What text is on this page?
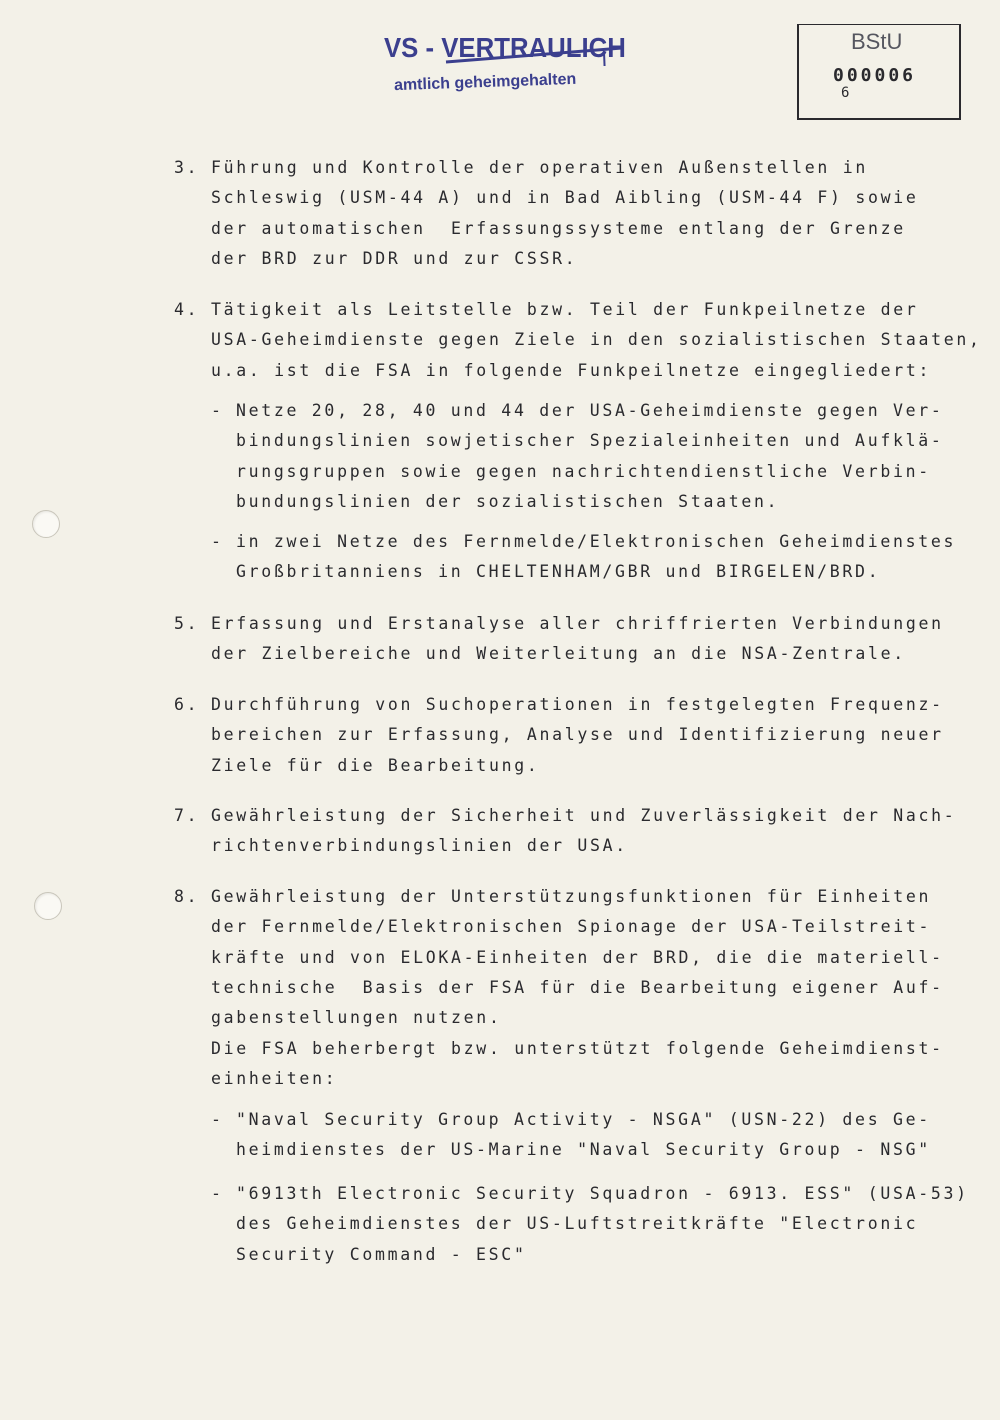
VS - VERTRAULICH
amtlich geheimgehalten
BStU
000006
6
3. Führung und Kontrolle der operativen Außenstellen in
Schleswig (USM-44 A) und in Bad Aibling (USM-44 F) sowie
der automatischen  Erfassungssysteme entlang der Grenze
der BRD zur DDR und zur CSSR.
4. Tätigkeit als Leitstelle bzw. Teil der Funkpeilnetze der
USA-Geheimdienste gegen Ziele in den sozialistischen Staaten,
u.a. ist die FSA in folgende Funkpeilnetze eingegliedert:
- Netze 20, 28, 40 und 44 der USA-Geheimdienste gegen Ver-
bindungslinien sowjetischer Spezialeinheiten und Aufklä-
rungsgruppen sowie gegen nachrichtendienstliche Verbin-
bundungslinien der sozialistischen Staaten.
- in zwei Netze des Fernmelde/Elektronischen Geheimdienstes
Großbritanniens in CHELTENHAM/GBR und BIRGELEN/BRD.
5. Erfassung und Erstanalyse aller chriffrierten Verbindungen
der Zielbereiche und Weiterleitung an die NSA-Zentrale.
6. Durchführung von Suchoperationen in festgelegten Frequenz-
bereichen zur Erfassung, Analyse und Identifizierung neuer
Ziele für die Bearbeitung.
7. Gewährleistung der Sicherheit und Zuverlässigkeit der Nach-
richtenverbindungslinien der USA.
8. Gewährleistung der Unterstützungsfunktionen für Einheiten
der Fernmelde/Elektronischen Spionage der USA-Teilstreit-
kräfte und von ELOKA-Einheiten der BRD, die die materiell-
technische  Basis der FSA für die Bearbeitung eigener Auf-
gabenstellungen nutzen.
Die FSA beherbergt bzw. unterstützt folgende Geheimdienst-
einheiten:
- "Naval Security Group Activity - NSGA" (USN-22) des Ge-
heimdienstes der US-Marine "Naval Security Group - NSG"
- "6913th Electronic Security Squadron - 6913. ESS" (USA-53)
des Geheimdienstes der US-Luftstreitkräfte "Electronic
Security Command - ESC"
